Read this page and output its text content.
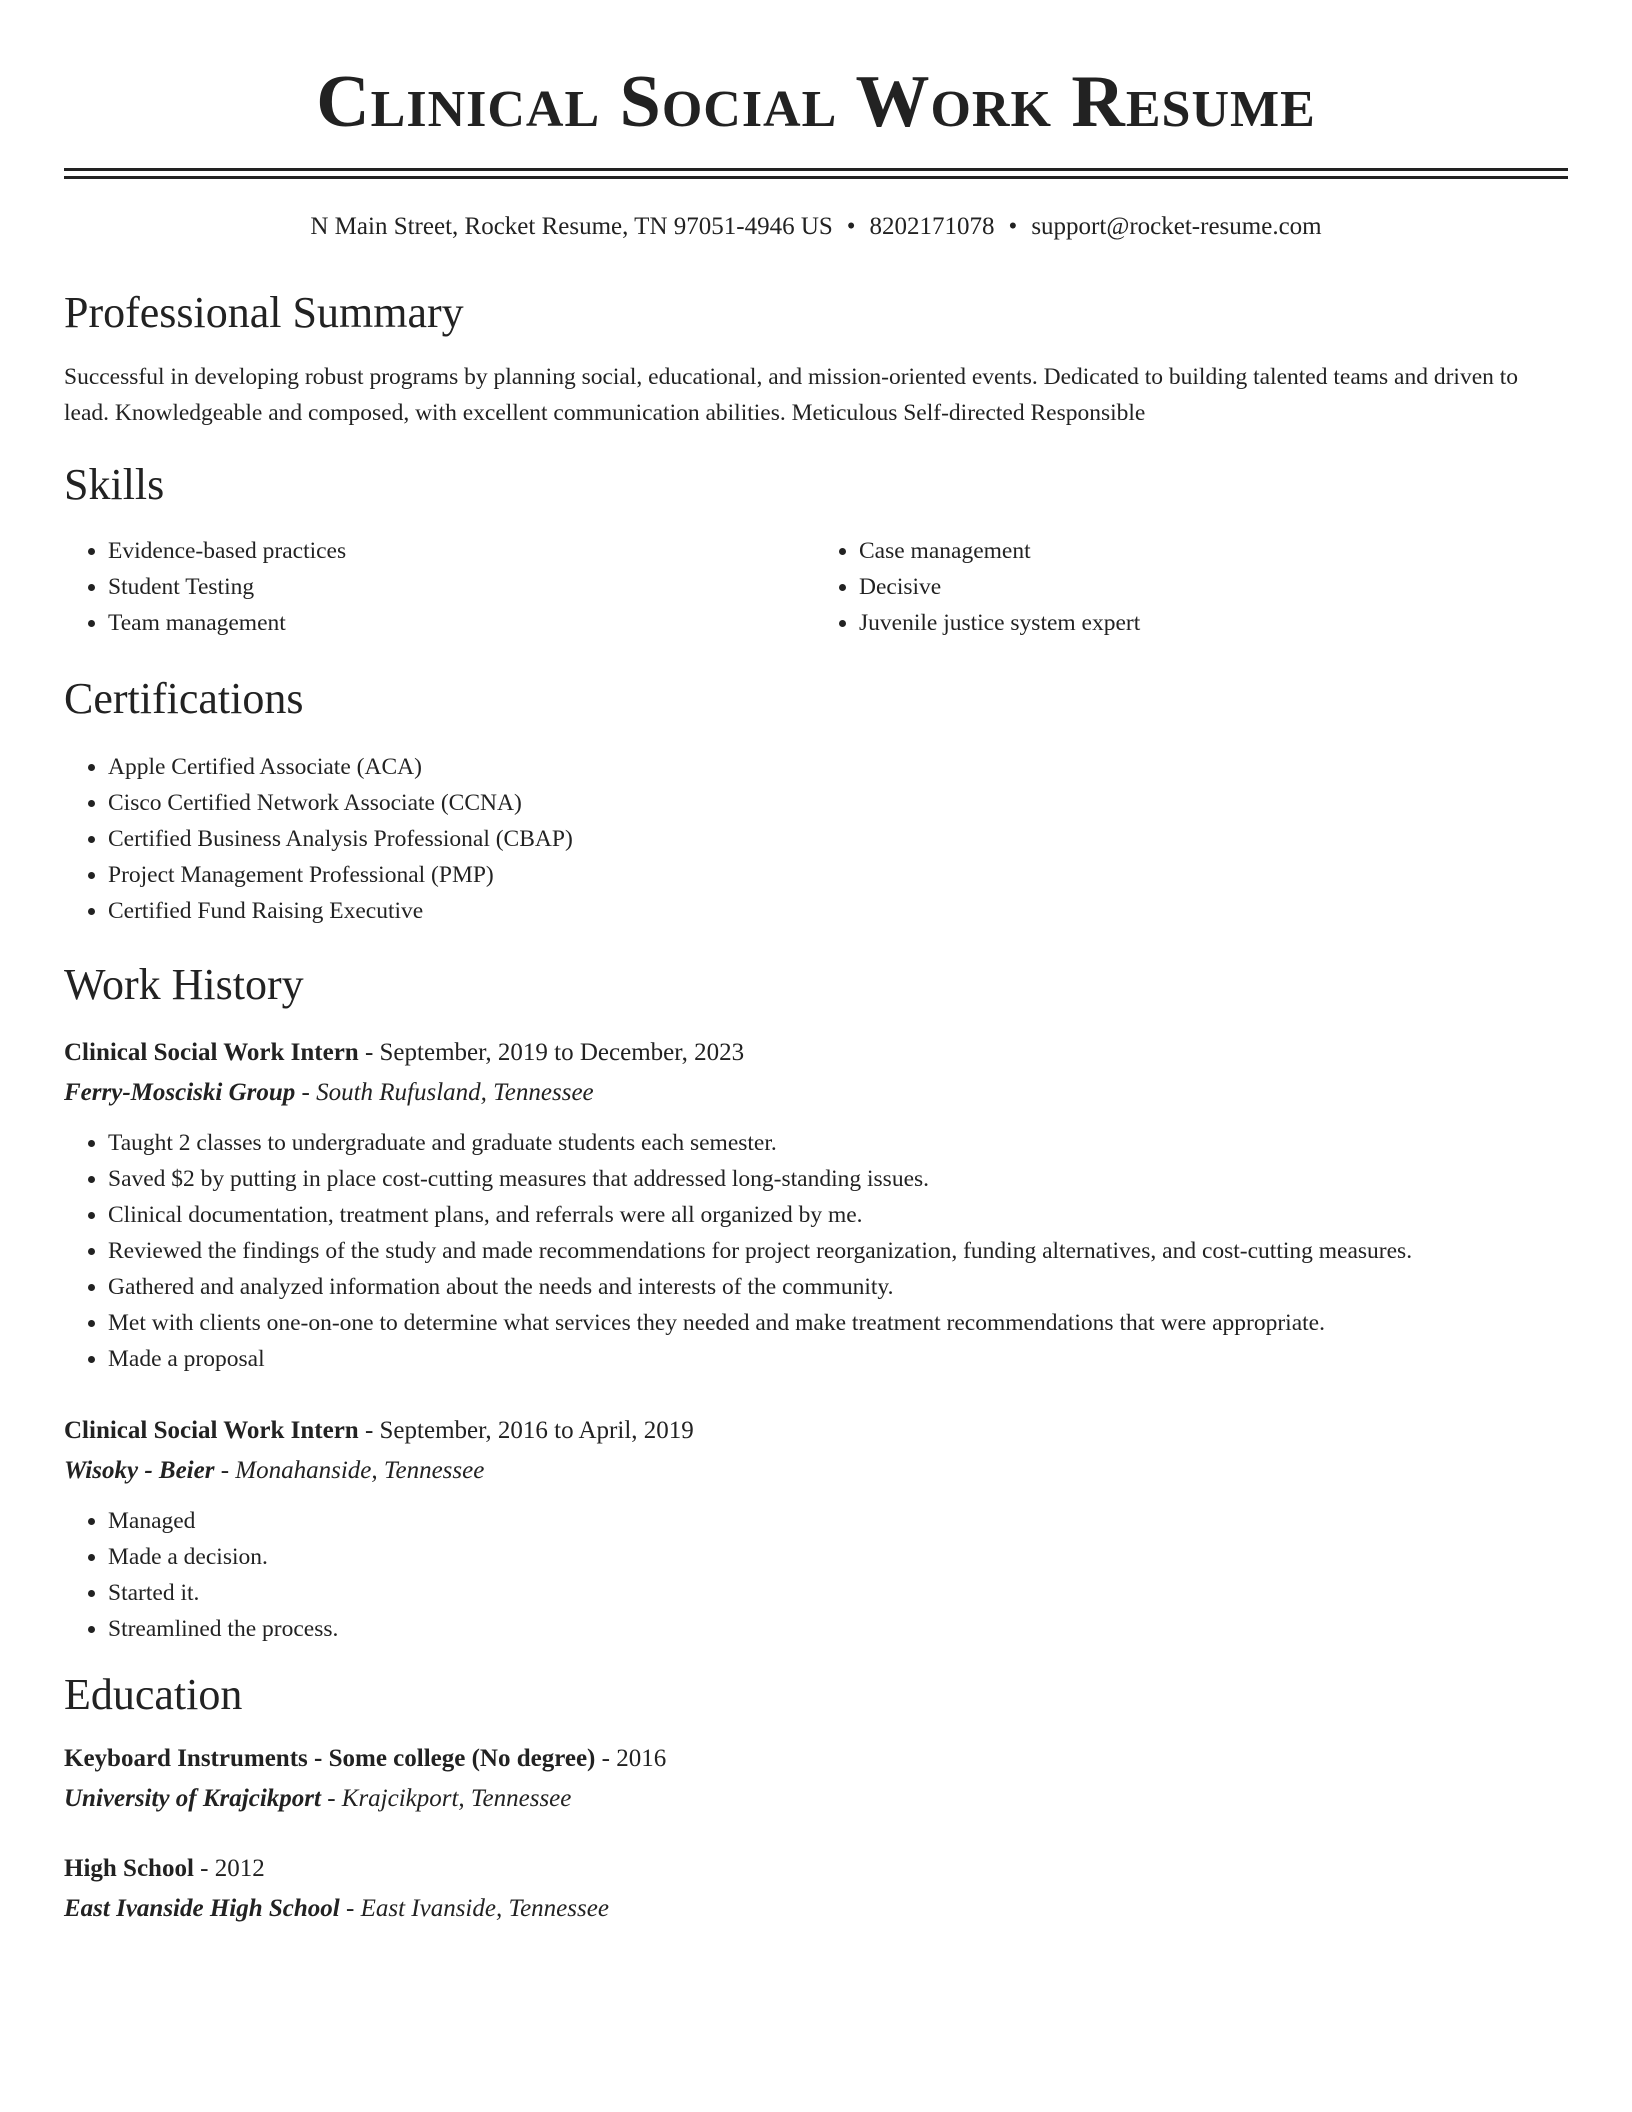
Clinical Social Work Resume
N Main Street, Rocket Resume, TN 97051-4946 US • 8202171078 • support@rocket-resume.com
Professional Summary

Successful in developing robust programs by planning social, educational, and mission-oriented events. Dedicated to building talented teams and driven to lead. Knowledgeable and composed, with excellent communication abilities. Meticulous Self-directed Responsible

Skills
• Evidence-based practices
• Student Testing
• Team management
• Case management
• Decisive
• Juvenile justice system expert
Certifications
• Apple Certified Associate (ACA)
• Cisco Certified Network Associate (CCNA)
• Certified Business Analysis Professional (CBAP)
• Project Management Professional (PMP)
• Certified Fund Raising Executive
Work History
Clinical Social Work Intern - September, 2019 to December, 2023
Ferry-Mosciski Group - South Rufusland, Tennessee
• Taught 2 classes to undergraduate and graduate students each semester.
• Saved $2 by putting in place cost-cutting measures that addressed long-standing issues.
• Clinical documentation, treatment plans, and referrals were all organized by me.
• Reviewed the findings of the study and made recommendations for project reorganization, funding alternatives, and cost-cutting measures.
• Gathered and analyzed information about the needs and interests of the community.
• Met with clients one-on-one to determine what services they needed and make treatment recommendations that were appropriate.
• Made a proposal
Clinical Social Work Intern - September, 2016 to April, 2019
Wisoky - Beier - Monahanside, Tennessee
• Managed
• Made a decision.
• Started it.
• Streamlined the process.
Education
Keyboard Instruments - Some college (No degree) - 2016
University of Krajcikport - Krajcikport, Tennessee
High School - 2012
East Ivanside High School - East Ivanside, Tennessee
